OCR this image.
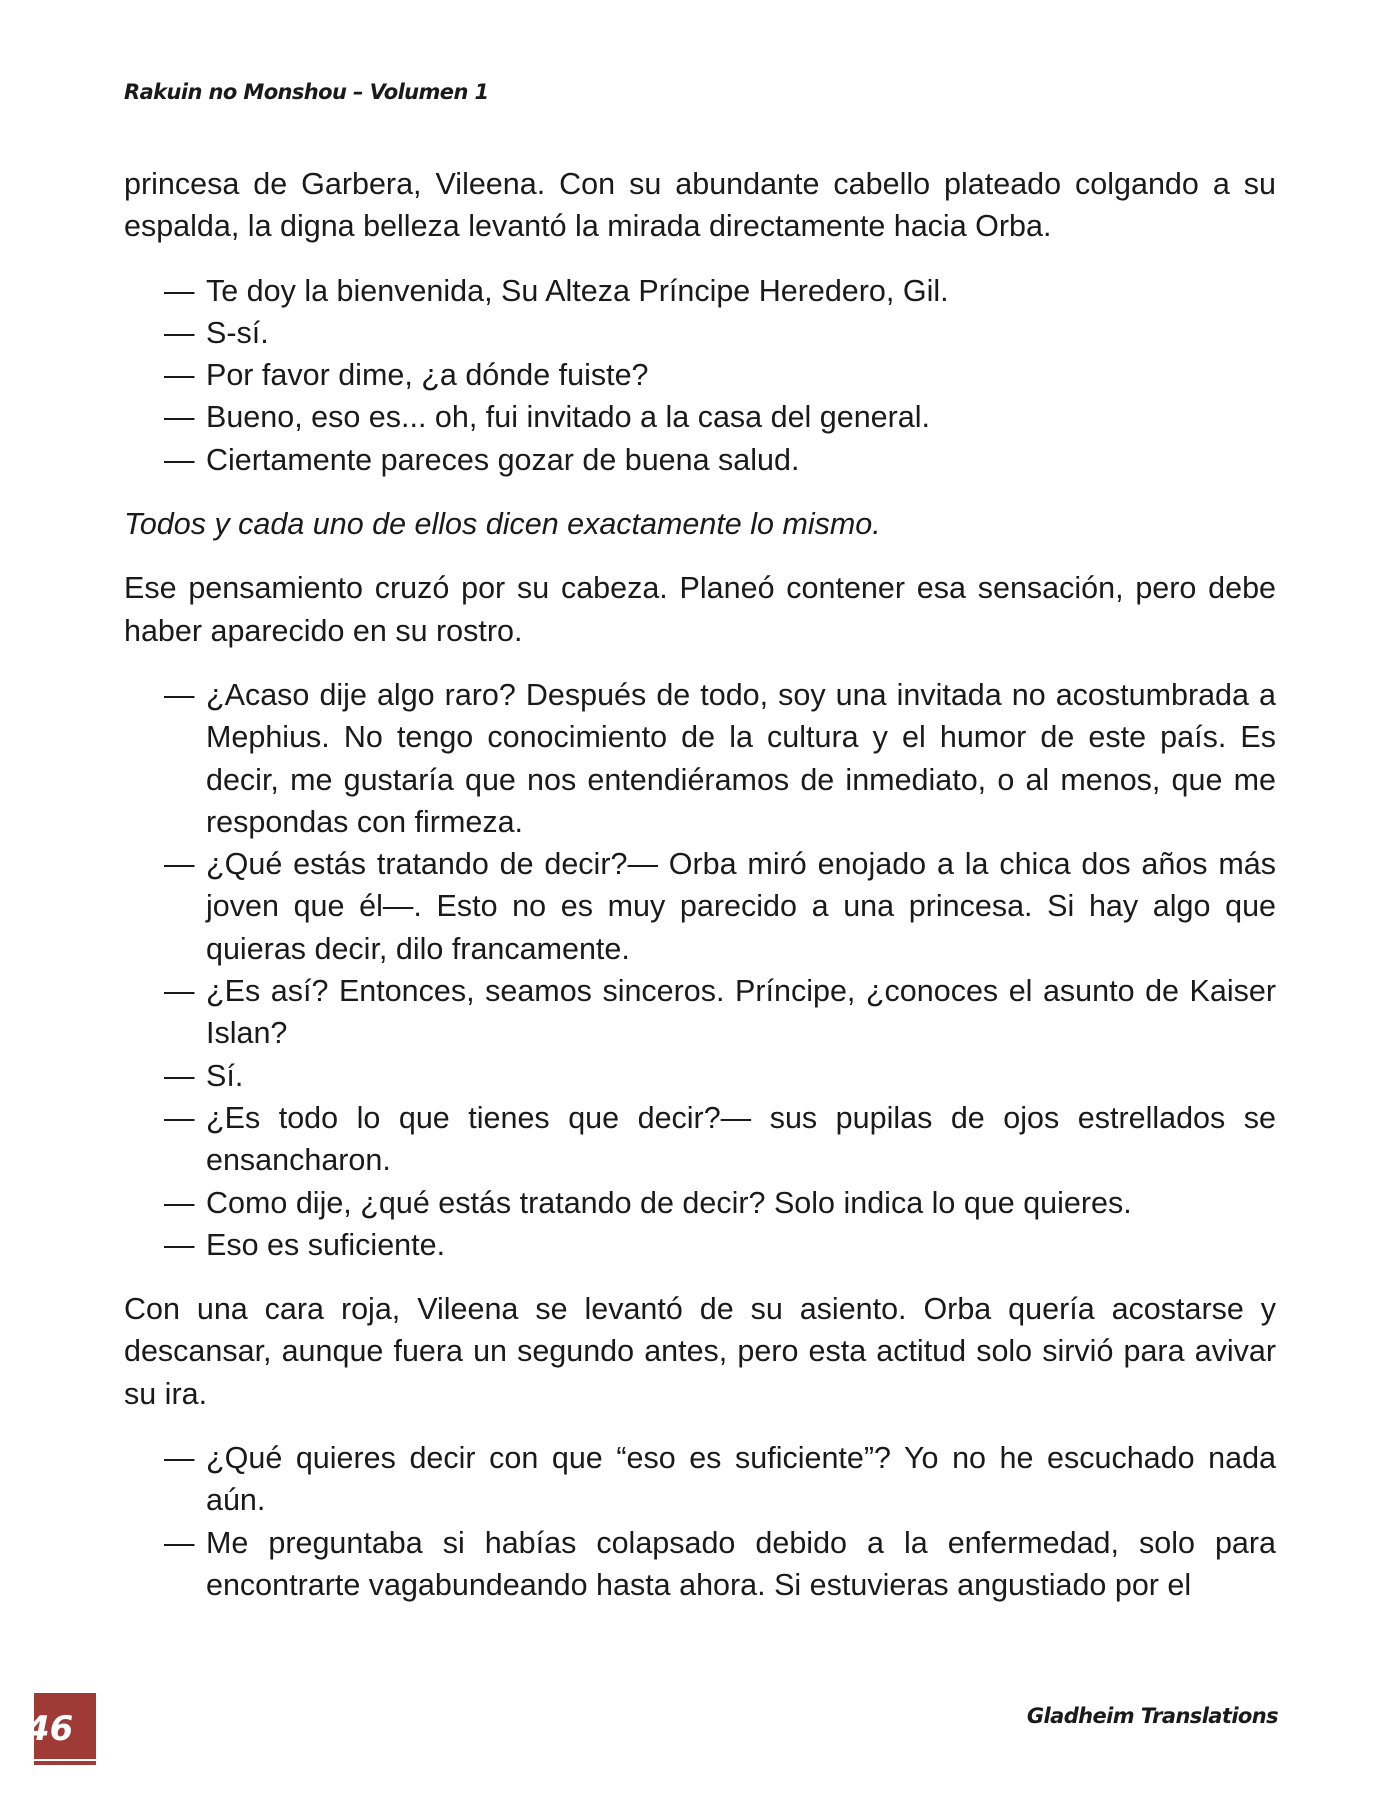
Rakuin no Monshou – Volumen 1

princesa de Garbera, Vileena. Con su abundante cabello plateado colgando a su espalda, la digna belleza levantó la mirada directamente hacia Orba.

— Te doy la bienvenida, Su Alteza Príncipe Heredero, Gil.

— S-sí.

— Por favor dime, ¿a dónde fuiste?

— Bueno, eso es... oh, fui invitado a la casa del general.

— Ciertamente pareces gozar de buena salud.

Todos y cada uno de ellos dicen exactamente lo mismo.

Ese pensamiento cruzó por su cabeza. Planeó contener esa sensación, pero debe haber aparecido en su rostro.

— ¿Acaso dije algo raro? Después de todo, soy una invitada no acostumbrada a Mephius. No tengo conocimiento de la cultura y el humor de este país. Es decir, me gustaría que nos entendiéramos de inmediato, o al menos, que me respondas con firmeza.

— ¿Qué estás tratando de decir?— Orba miró enojado a la chica dos años más joven que él—. Esto no es muy parecido a una princesa. Si hay algo que quieras decir, dilo francamente.

— ¿Es así? Entonces, seamos sinceros. Príncipe, ¿conoces el asunto de Kaiser Islan?

— Sí.

— ¿Es todo lo que tienes que decir?— sus pupilas de ojos estrellados se ensancharon.

— Como dije, ¿qué estás tratando de decir? Solo indica lo que quieres.

— Eso es suficiente.

Con una cara roja, Vileena se levantó de su asiento. Orba quería acostarse y descansar, aunque fuera un segundo antes, pero esta actitud solo sirvió para avivar su ira.

— ¿Qué quieres decir con que “eso es suficiente”? Yo no he escuchado nada aún.

— Me preguntaba si habías colapsado debido a la enfermedad, solo para encontrarte vagabundeando hasta ahora. Si estuvieras angustiado por el

46	Gladheim Translations
